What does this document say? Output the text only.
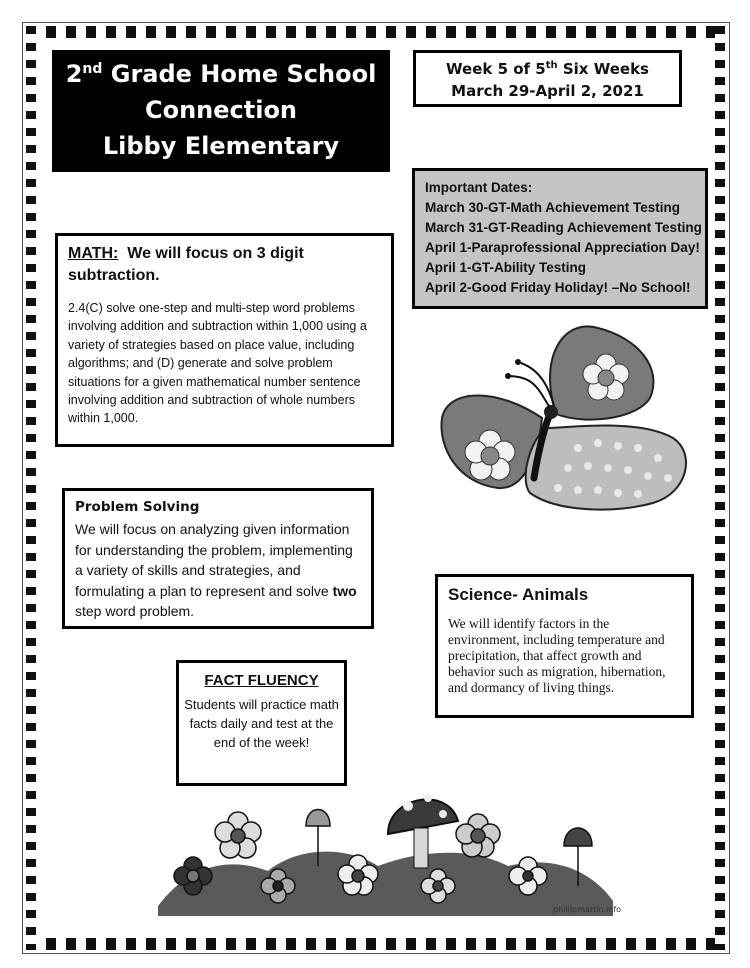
2nd Grade Home School
Connection
Libby Elementary
Week 5 of 5th Six Weeks
March 29-April 2, 2021
Important Dates:
March 30-GT-Math Achievement Testing
March 31-GT-Reading Achievement Testing
April 1-Paraprofessional Appreciation Day!
April 1-GT-Ability Testing
April 2-Good Friday Holiday! –No School!
MATH:  We will focus on 3 digit subtraction.
2.4(C) solve one-step and multi-step word problems involving addition and subtraction within 1,000 using a variety of strategies based on place value, including algorithms; and (D) generate and solve problem situations for a given mathematical number sentence involving addition and subtraction of whole numbers within 1,000.
Problem Solving
We will focus on analyzing given information for understanding the problem, implementing a variety of skills and strategies, and formulating a plan to represent and solve two step word problem.
Science- Animals
We will identify factors in the environment, including temperature and precipitation, that affect growth and behavior such as migration, hibernation, and dormancy of living things.
FACT FLUENCY
Students will practice math facts daily and test at the end of the week!
phillipmartin.info
